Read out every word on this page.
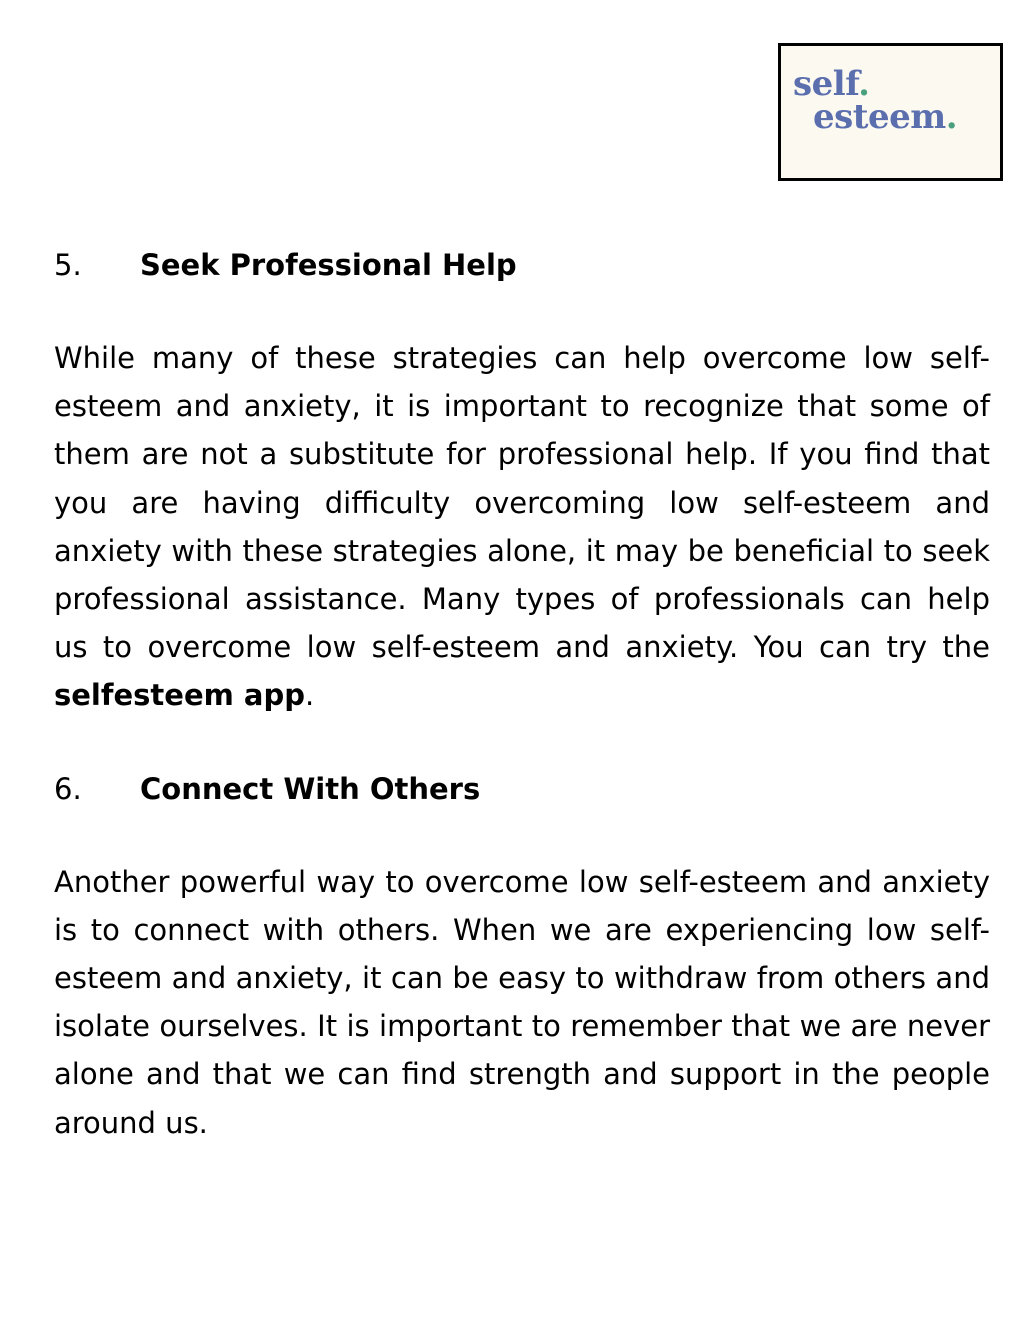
self.
esteem.
5.	Seek Professional Help

While many of these strategies can help overcome low self-esteem and anxiety, it is important to recognize that some of them are not a substitute for professional help. If you find that you are having difficulty overcoming low self-esteem and anxiety with these strategies alone, it may be beneficial to seek professional assistance. Many types of professionals can help us to overcome low self-esteem and anxiety. You can try the selfesteem app.

6.	Connect With Others

Another powerful way to overcome low self-esteem and anxiety is to connect with others. When we are experiencing low self-esteem and anxiety, it can be easy to withdraw from others and isolate ourselves. It is important to remember that we are never alone and that we can find strength and support in the people around us.
